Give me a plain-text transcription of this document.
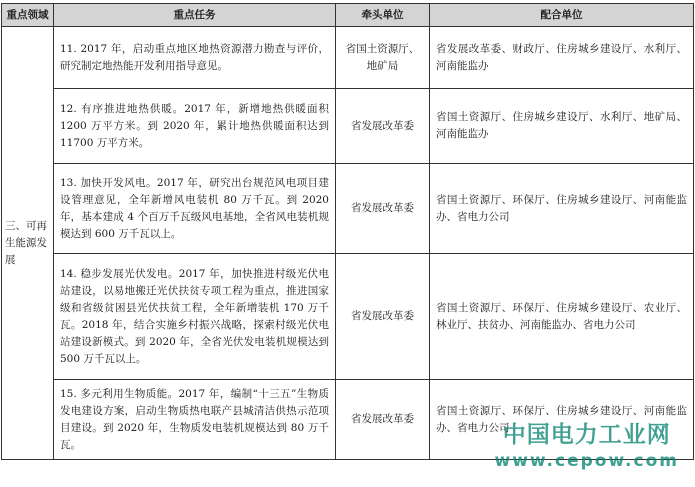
重点领域	重点任务	牵头单位	配合单位
三、可再生能源发展	11. 2017 年，启动重点地区地热资源潜力勘查与评价，研究制定地热能开发利用指导意见。	省国土资源厅、地矿局	省发展改革委、财政厅、住房城乡建设厅、水利厅、河南能监办
	12. 有序推进地热供暖。2017 年，新增地热供暖面积1200 万平方米。到 2020 年，累计地热供暖面积达到11700 万平方米。	省发展改革委	省国土资源厅、住房城乡建设厅、水利厅、地矿局、河南能监办
	13. 加快开发风电。2017 年，研究出台规范风电项目建设管理意见，全年新增风电装机 80 万千瓦。到 2020 年，基本建成 4 个百万千瓦级风电基地，全省风电装机规模达到 600 万千瓦以上。	省发展改革委	省国土资源厅、环保厅、住房城乡建设厅、河南能监办、省电力公司
	14. 稳步发展光伏发电。2017 年，加快推进村级光伏电站建设，以易地搬迁光伏扶贫专项工程为重点，推进国家级和省级贫困县光伏扶贫工程，全年新增装机 170 万千瓦。2018 年，结合实施乡村振兴战略，探索村级光伏电站建设新模式。到 2020 年，全省光伏发电装机规模达到 500 万千瓦以上。	省发展改革委	省国土资源厅、环保厅、住房城乡建设厅、农业厅、林业厅、扶贫办、河南能监办、省电力公司
	15. 多元利用生物质能。2017 年，编制“十三五”生物质发电建设方案，启动生物质热电联产县城清洁供热示范项目建设。到 2020 年，生物质发电装机规模达到 80 万千瓦。	省发展改革委	省国土资源厅、环保厅、住房城乡建设厅、河南能监办、省电力公司
中国电力工业网
www.cepow.com
